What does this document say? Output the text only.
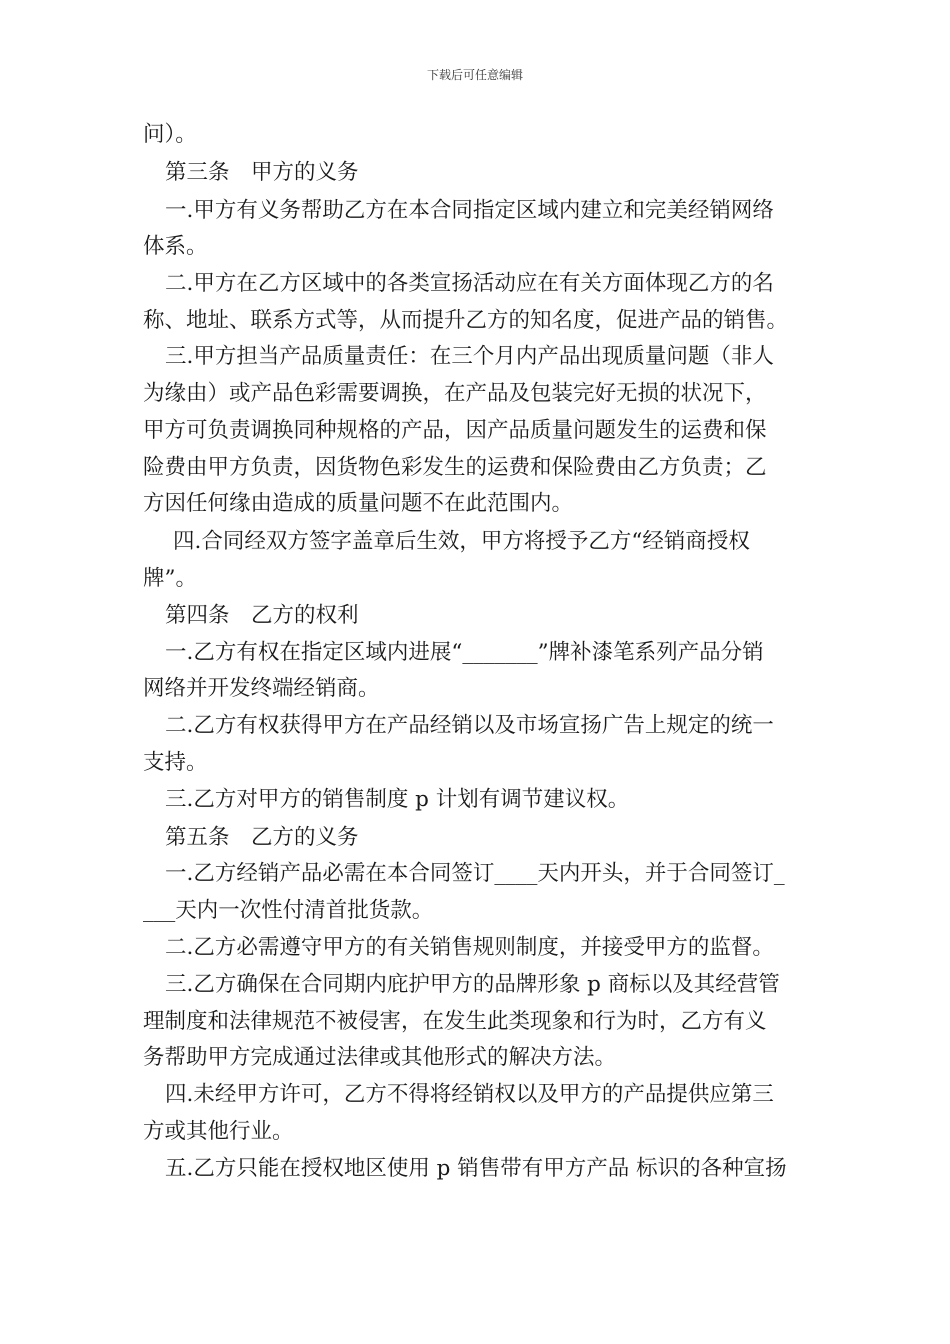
下载后可任意编辑
问）。
第三条　甲方的义务
一.甲方有义务帮助乙方在本合同指定区域内建立和完美经销网络
体系。
二.甲方在乙方区域中的各类宣扬活动应在有关方面体现乙方的名
称、地址、联系方式等，从而提升乙方的知名度，促进产品的销售。
三.甲方担当产品质量责任：在三个月内产品出现质量问题（非人
为缘由）或产品色彩需要调换，在产品及包装完好无损的状况下，
甲方可负责调换同种规格的产品，因产品质量问题发生的运费和保
险费由甲方负责，因货物色彩发生的运费和保险费由乙方负责；乙
方因任何缘由造成的质量问题不在此范围内。
四.合同经双方签字盖章后生效，甲方将授予乙方“经销商授权
牌”。
第四条　乙方的权利
一.乙方有权在指定区域内进展“_______”牌补漆笔系列产品分销
网络并开发终端经销商。
二.乙方有权获得甲方在产品经销以及市场宣扬广告上规定的统一
支持。
三.乙方对甲方的销售制度 p 计划有调节建议权。
第五条　乙方的义务
一.乙方经销产品必需在本合同签订____天内开头，并于合同签订_
___天内一次性付清首批货款。
二.乙方必需遵守甲方的有关销售规则制度，并接受甲方的监督。
三.乙方确保在合同期内庇护甲方的品牌形象 p 商标以及其经营管
理制度和法律规范不被侵害，在发生此类现象和行为时，乙方有义
务帮助甲方完成通过法律或其他形式的解决方法。
四.未经甲方许可，乙方不得将经销权以及甲方的产品提供应第三
方或其他行业。
五.乙方只能在授权地区使用 p 销售带有甲方产品 标识的各种宣扬
